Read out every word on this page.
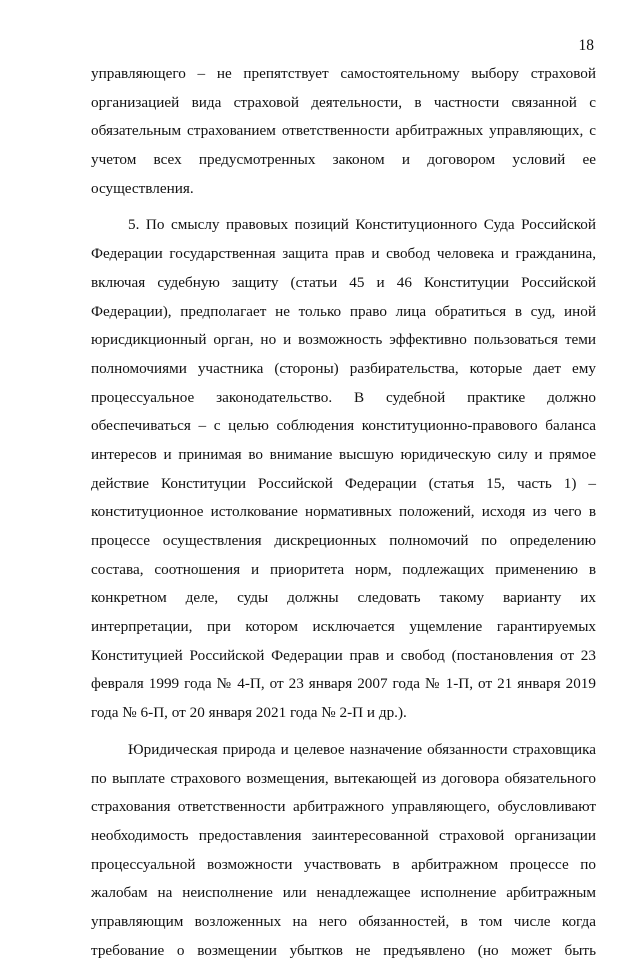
18
управляющего – не препятствует самостоятельному выбору страховой
организацией вида страховой деятельности, в частности связанной с
обязательным страхованием ответственности арбитражных управляющих, с
учетом всех предусмотренных законом и договором условий ее
осуществления.
5. По смыслу правовых позиций Конституционного Суда Российской
Федерации государственная защита прав и свобод человека и гражданина,
включая судебную защиту (статьи 45 и 46 Конституции Российской
Федерации), предполагает не только право лица обратиться в суд, иной
юрисдикционный орган, но и возможность эффективно пользоваться теми
полномочиями участника (стороны) разбирательства, которые дает ему
процессуальное законодательство. В судебной практике должно
обеспечиваться – с целью соблюдения конституционно-правового баланса
интересов и принимая во внимание высшую юридическую силу и прямое
действие Конституции Российской Федерации (статья 15, часть 1) –
конституционное истолкование нормативных положений, исходя из чего в
процессе осуществления дискреционных полномочий по определению
состава, соотношения и приоритета норм, подлежащих применению в
конкретном деле, суды должны следовать такому варианту их
интерпретации, при котором исключается ущемление гарантируемых
Конституцией Российской Федерации прав и свобод (постановления от 23
февраля 1999 года № 4-П, от 23 января 2007 года № 1-П, от 21 января 2019
года № 6-П, от 20 января 2021 года № 2-П и др.).
Юридическая природа и целевое назначение обязанности страховщика
по выплате страхового возмещения, вытекающей из договора обязательного
страхования ответственности арбитражного управляющего, обусловливают
необходимость предоставления заинтересованной страховой организации
процессуальной возможности участвовать в арбитражном процессе по
жалобам на неисполнение или ненадлежащее исполнение арбитражным
управляющим возложенных на него обязанностей, в том числе когда
требование о возмещении убытков не предъявлено (но может быть
